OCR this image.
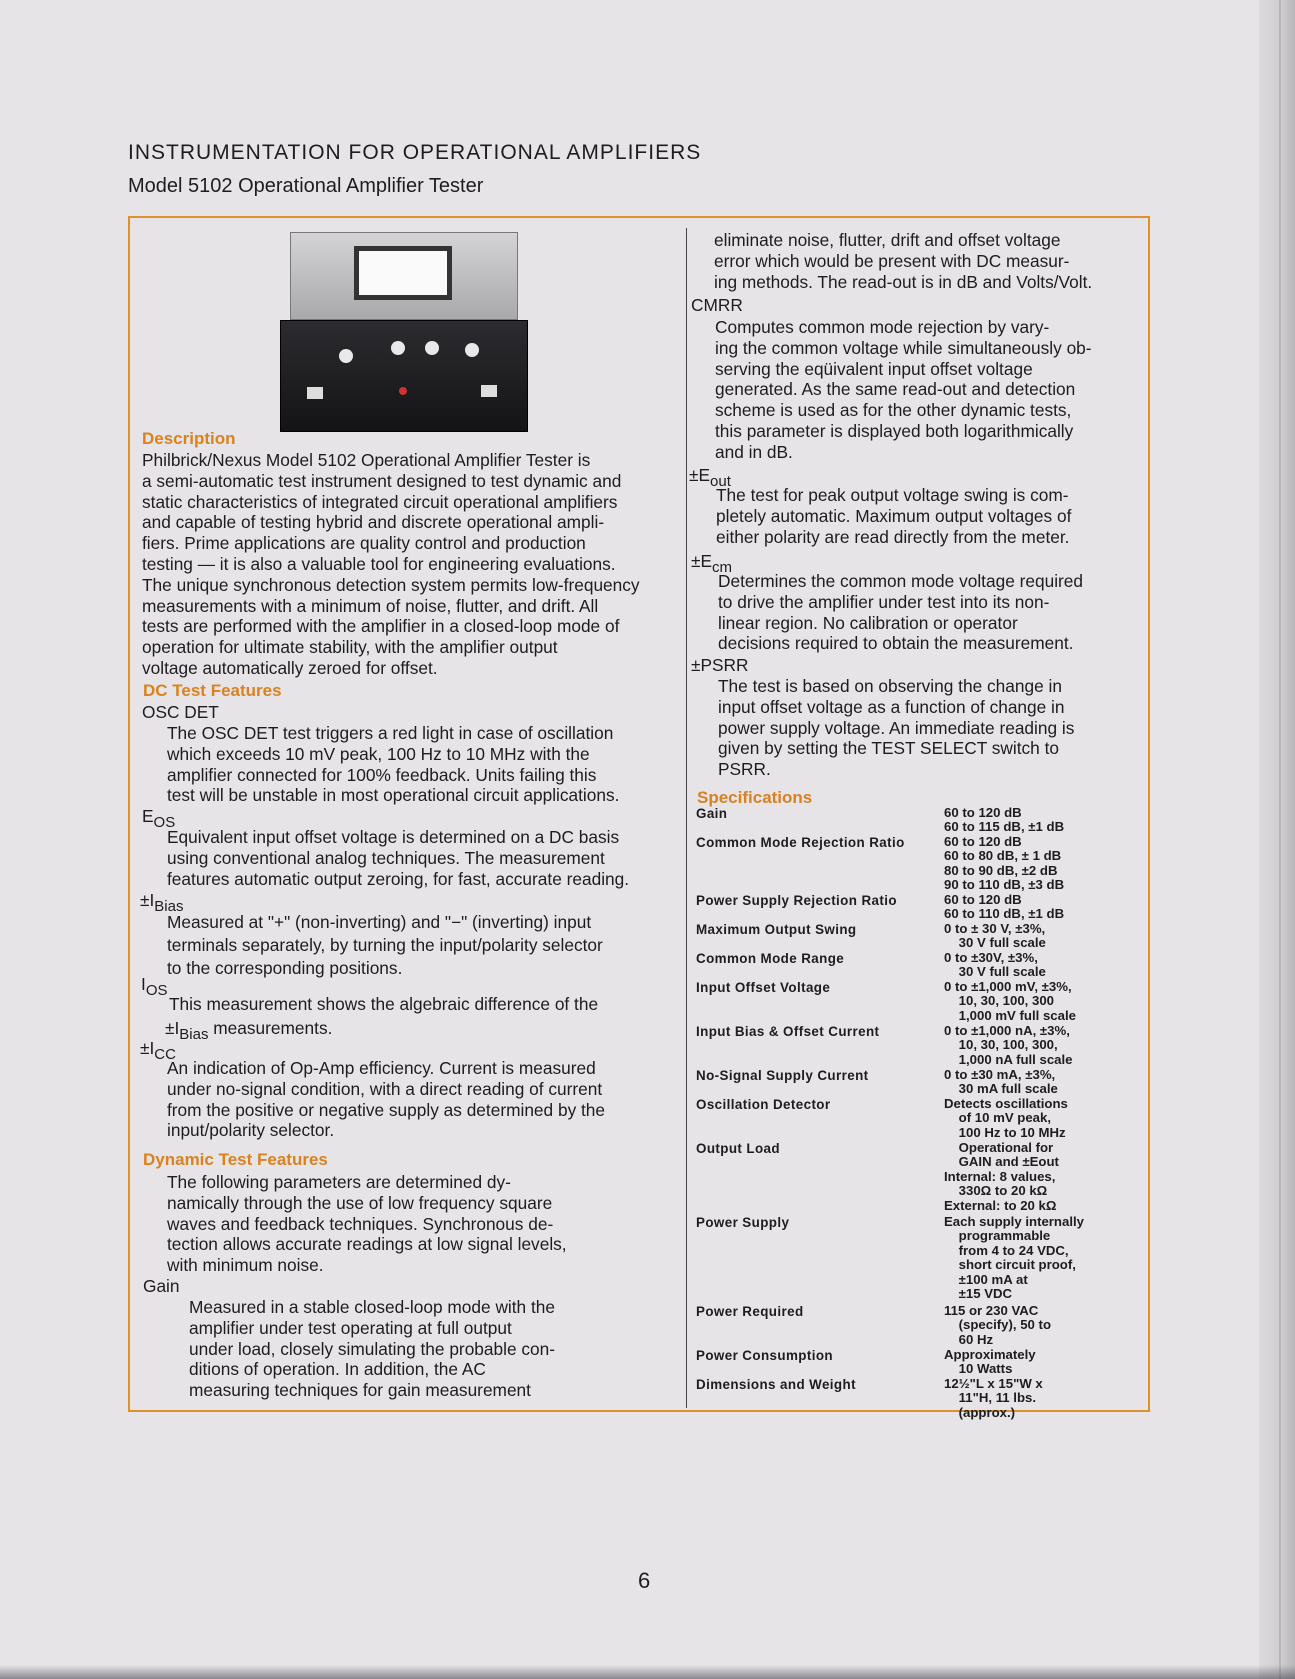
INSTRUMENTATION FOR OPERATIONAL AMPLIFIERS
Model 5102 Operational Amplifier Tester
Description
Philbrick/Nexus Model 5102 Operational Amplifier Tester is
a semi-automatic test instrument designed to test dynamic and
static characteristics of integrated circuit operational amplifiers
and capable of testing hybrid and discrete operational ampli-
fiers. Prime applications are quality control and production
testing — it is also a valuable tool for engineering evaluations.
The unique synchronous detection system permits low-frequency
measurements with a minimum of noise, flutter, and drift. All
tests are performed with the amplifier in a closed-loop mode of
operation for ultimate stability, with the amplifier output
voltage automatically zeroed for offset.
DC Test Features
OSC DET
The OSC DET test triggers a red light in case of oscillation
which exceeds 10 mV peak, 100 Hz to 10 MHz with the
amplifier connected for 100% feedback. Units failing this
test will be unstable in most operational circuit applications.
EOS
Equivalent input offset voltage is determined on a DC basis
using conventional analog techniques. The measurement
features automatic output zeroing, for fast, accurate reading.
±IBias
Measured at "+" (non-inverting) and "−" (inverting) input
terminals separately, by turning the input/polarity selector
to the corresponding positions.
IOS
This measurement shows the algebraic difference of the
±IBias measurements.
±ICC
An indication of Op-Amp efficiency. Current is measured
under no-signal condition, with a direct reading of current
from the positive or negative supply as determined by the
input/polarity selector.
Dynamic Test Features
The following parameters are determined dy-
namically through the use of low frequency square
waves and feedback techniques. Synchronous de-
tection allows accurate readings at low signal levels,
with minimum noise.
Gain
Measured in a stable closed-loop mode with the
amplifier under test operating at full output
under load, closely simulating the probable con-
ditions of operation. In addition, the AC
measuring techniques for gain measurement
eliminate noise, flutter, drift and offset voltage
error which would be present with DC measur-
ing methods. The read-out is in dB and Volts/Volt.
CMRR
Computes common mode rejection by vary-
ing the common voltage while simultaneously ob-
serving the eqüivalent input offset voltage
generated. As the same read-out and detection
scheme is used as for the other dynamic tests,
this parameter is displayed both logarithmically
and in dB.
±Eout
The test for peak output voltage swing is com-
pletely automatic. Maximum output voltages of
either polarity are read directly from the meter.
±Ecm
Determines the common mode voltage required
to drive the amplifier under test into its non-
linear region. No calibration or operator
decisions required to obtain the measurement.
±PSRR
The test is based on observing the change in
input offset voltage as a function of change in
power supply voltage. An immediate reading is
given by setting the TEST SELECT switch to
PSRR.
Specifications
Gain	60 to 120 dB
60 to 115 dB, ±1 dB
Common Mode Rejection Ratio	60 to 120 dB
60 to 80 dB, ± 1 dB
80 to 90 dB, ±2 dB
90 to 110 dB, ±3 dB
Power Supply Rejection Ratio	60 to 120 dB
60 to 110 dB, ±1 dB
Maximum Output Swing	0 to ± 30 V, ±3%,
30 V full scale
Common Mode Range	0 to ±30V, ±3%,
30 V full scale
Input Offset Voltage	0 to ±1,000 mV, ±3%,
10, 30, 100, 300
1,000 mV full scale
Input Bias & Offset Current	0 to ±1,000 nA, ±3%,
10, 30, 100, 300,
1,000 nA full scale
No-Signal Supply Current	0 to ±30 mA, ±3%,
30 mA full scale
Oscillation Detector	Detects oscillations
of 10 mV peak,
100 Hz to 10 MHz
Output Load	Operational for
GAIN and ±Eout
Internal: 8 values,
330Ω to 20 kΩ
External: to 20 kΩ
Power Supply	Each supply internally
programmable
from 4 to 24 VDC,
short circuit proof,
±100 mA at
±15 VDC
Power Required	115 or 230 VAC
(specify), 50 to
60 Hz
Power Consumption	Approximately
10 Watts
Dimensions and Weight	12½"L x 15"W x
11"H, 11 lbs.
(approx.)
6
